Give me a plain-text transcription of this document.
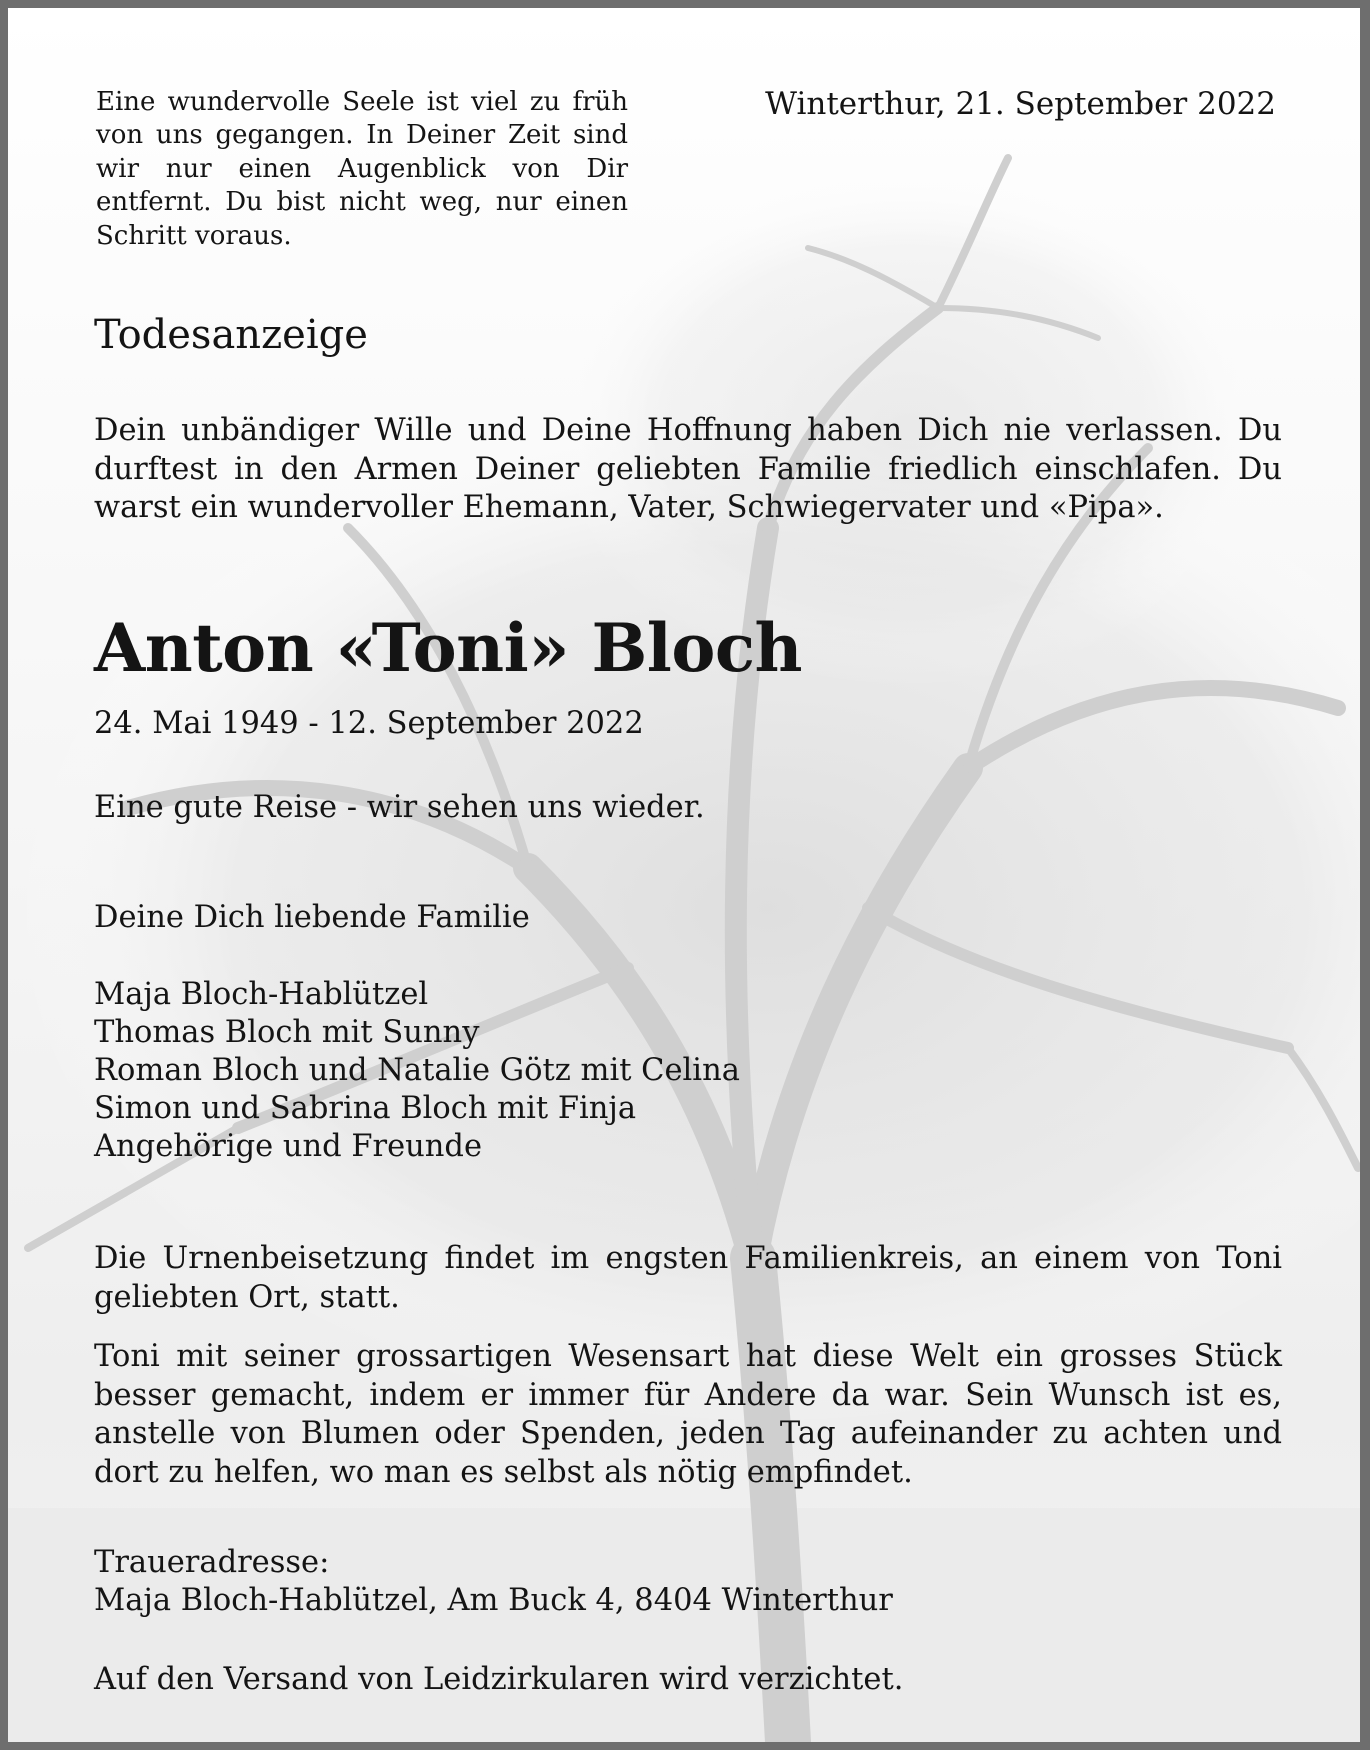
Eine wundervolle Seele ist viel zu früh von uns gegangen. In Deiner Zeit sind wir nur einen Augenblick von Dir entfernt. Du bist nicht weg, nur einen Schritt voraus.

Winterthur, 21. September 2022

Todesanzeige

Dein unbändiger Wille und Deine Hoffnung haben Dich nie verlassen. Du durftest in den Armen Deiner geliebten Familie friedlich einschlafen. Du warst ein wundervoller Ehemann, Vater, Schwiegervater und «Pipa».

Anton «Toni» Bloch

24. Mai 1949 - 12. September 2022

Eine gute Reise - wir sehen uns wieder.

Deine Dich liebende Familie

Maja Bloch-Hablützel
Thomas Bloch mit Sunny
Roman Bloch und Natalie Götz mit Celina
Simon und Sabrina Bloch mit Finja
Angehörige und Freunde

Die Urnenbeisetzung findet im engsten Familienkreis, an einem von Toni geliebten Ort, statt.

Toni mit seiner grossartigen Wesensart hat diese Welt ein grosses Stück besser gemacht, indem er immer für Andere da war. Sein Wunsch ist es, anstelle von Blumen oder Spenden, jeden Tag aufeinander zu achten und dort zu helfen, wo man es selbst als nötig empfindet.

Traueradresse:

Maja Bloch-Hablützel, Am Buck 4, 8404 Winterthur

Auf den Versand von Leidzirkularen wird verzichtet.
